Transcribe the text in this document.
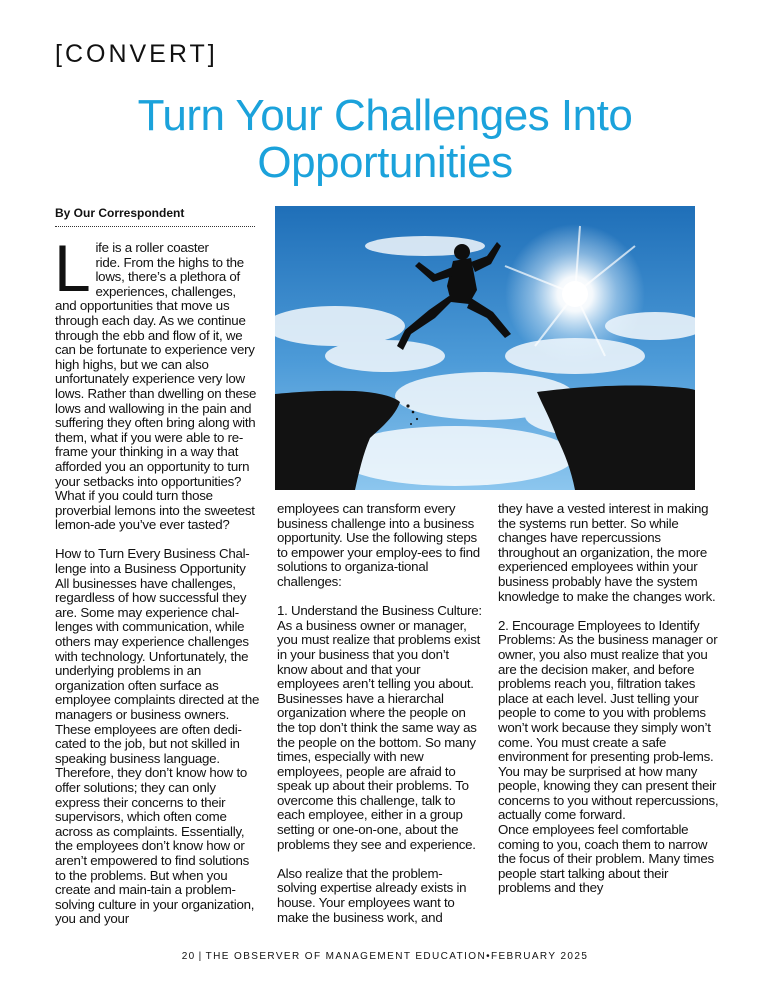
[CONVERT]
Turn Your Challenges Into
Opportunities
By Our Correspondent

L ife is a roller coaster
ride. From the highs to the lows, there’s a plethora of experiences, challenges, and opportunities that move us through each day. As we continue through the ebb and flow of it, we can be fortunate to experience very high highs, but we can also unfortunately experience very low lows. Rather than dwelling on these lows and wallowing in the pain and suffering they often bring along with them, what if you were able to re-frame your thinking in a way that afforded you an opportunity to turn your setbacks into opportunities? What if you could turn those proverbial lemons into the sweetest lemon-ade you’ve ever tasted?

How to Turn Every Business Chal-lenge into a Business Opportunity All businesses have challenges, regardless of how successful they are. Some may experience chal-lenges with communication, while others may experience challenges with technology. Unfortunately, the underlying problems in an organization often surface as employee complaints directed at the managers or business owners. These employees are often dedi-cated to the job, but not skilled in speaking business language. Therefore, they don’t know how to offer solutions; they can only express their concerns to their supervisors, which often come across as complaints. Essentially, the employees don’t know how or aren’t empowered to find solutions to the problems. But when you create and main-tain a problem-solving culture in your organization, you and your

employees can transform every business challenge into a business opportunity. Use the following steps to empower your employ-ees to find solutions to organiza-tional challenges:

1. Understand the Business Culture: As a business owner or manager, you must realize that problems exist in your business that you don’t know about and that your employees aren’t telling you about. Businesses have a hierarchal organization where the people on the top don’t think the same way as the people on the bottom. So many times, especially with new employees, people are afraid to speak up about their problems. To overcome this challenge, talk to each employee, either in a group setting or one-on-one, about the problems they see and experience.

Also realize that the problem-solving expertise already exists in house. Your employees want to make the business work, and

they have a vested interest in making the systems run better. So while changes have repercussions throughout an organization, the more experienced employees within your business probably have the system knowledge to make the changes work.

2. Encourage Employees to Identify Problems: As the business manager or owner, you also must realize that you are the decision maker, and before problems reach you, filtration takes place at each level. Just telling your people to come to you with problems won’t work because they simply won’t come. You must create a safe environment for presenting prob-lems. You may be surprised at how many people, knowing they can present their concerns to you without repercussions, actually come forward.

Once employees feel comfortable coming to you, coach them to narrow the focus of their problem. Many times people start talking about their problems and they

20 | THE OBSERVER OF MANAGEMENT EDUCATION•FEBRUARY 2025
